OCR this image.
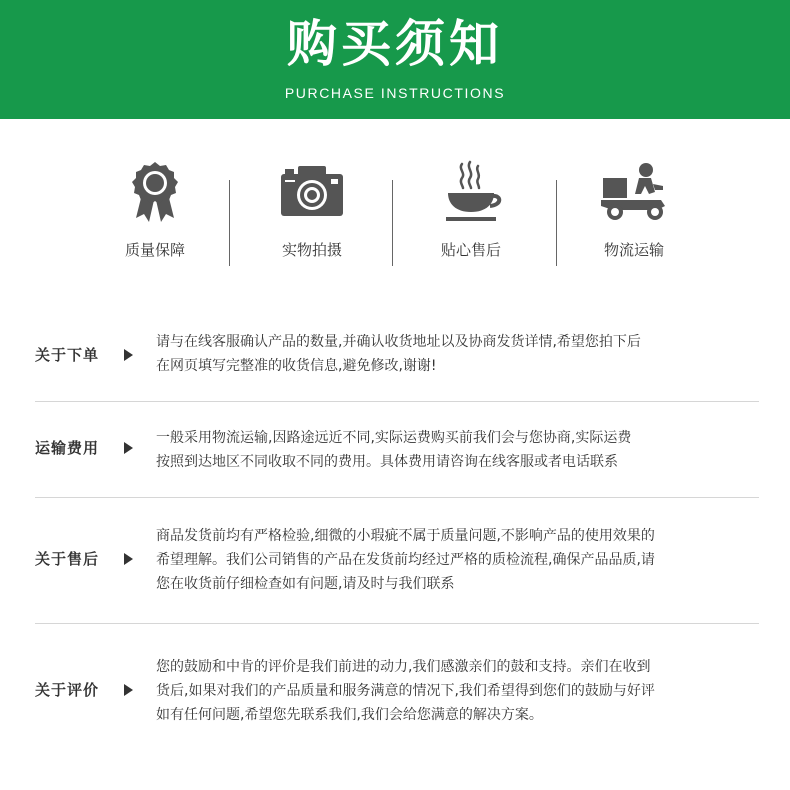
购买须知
PURCHASE INSTRUCTIONS
质量保障	实物拍摄	贴心售后	物流运输
关于下单

请与在线客服确认产品的数量,并确认收货地址以及协商发货详情,希望您拍下后

在网页填写完整准的收货信息,避免修改,谢谢!

运输费用

一般采用物流运输,因路途远近不同,实际运费购买前我们会与您协商,实际运费

按照到达地区不同收取不同的费用。具体费用请咨询在线客服或者电话联系

关于售后

商品发货前均有严格检验,细微的小瑕疵不属于质量问题,不影响产品的使用效果的

希望理解。我们公司销售的产品在发货前均经过严格的质检流程,确保产品品质,请

您在收货前仔细检查如有问题,请及时与我们联系

关于评价

您的鼓励和中肯的评价是我们前进的动力,我们感激亲们的鼓和支持。亲们在收到

货后,如果对我们的产品质量和服务满意的情况下,我们希望得到您们的鼓励与好评

如有任何问题,希望您先联系我们,我们会给您满意的解决方案。
